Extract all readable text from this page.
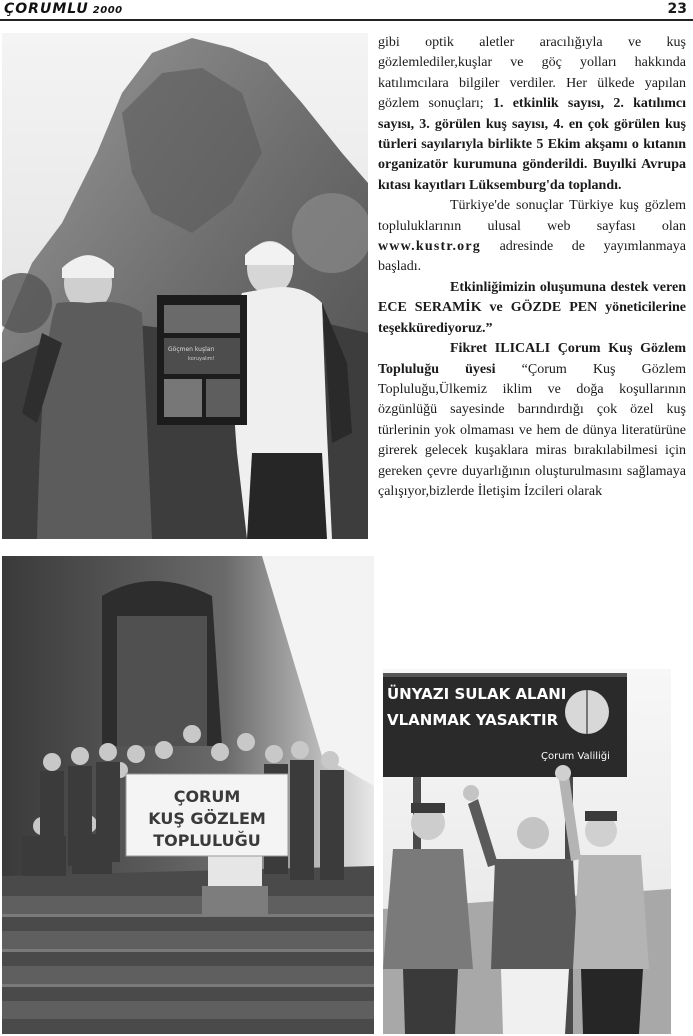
ÇORUMLU 2000	23
Göçmen kuşları
koruyalım!
ÇORUM
KUŞ GÖZLEM
TOPLULUĞU
ÜNYAZI SULAK ALANI
VLANMAK YASAKTIR
Çorum Valiliği

gibi optik aletler aracılığıyla ve kuş gözlemlediler,kuşlar ve göç yolları hakkında katılımcılara bilgiler verdiler. Her ülkede yapılan gözlem sonuçları; 1. etkinlik sayısı, 2. katılımcı sayısı, 3. görülen kuş sayısı, 4. en çok görülen kuş türleri sayılarıyla birlikte 5 Ekim akşamı o kıtanın organizatör kurumuna gönderildi. Buyılki Avrupa kıtası kayıtları Lüksemburg'da toplandı.

Türkiye'de sonuçlar Türkiye kuş gözlem topluluklarının ulusal web sayfası olan www.kustr.org adresinde de yayımlanmaya başladı.

Etkinliğimizin oluşumuna destek veren ECE SERAMİK ve GÖZDE PEN yöneticilerine teşekkürediyoruz.”

Fikret ILICALI Çorum Kuş Gözlem Topluluğu üyesi “Çorum Kuş Gözlem Topluluğu,Ülkemiz iklim ve doğa koşullarının özgünlüğü sayesinde barındırdığı çok özel kuş türlerinin yok olmaması ve hem de dünya literatürüne girerek gelecek kuşaklara miras bırakılabilmesi için gereken çevre duyarlığının oluşturulmasını sağlamaya çalışıyor,bizlerde İletişim İzcileri olarak
